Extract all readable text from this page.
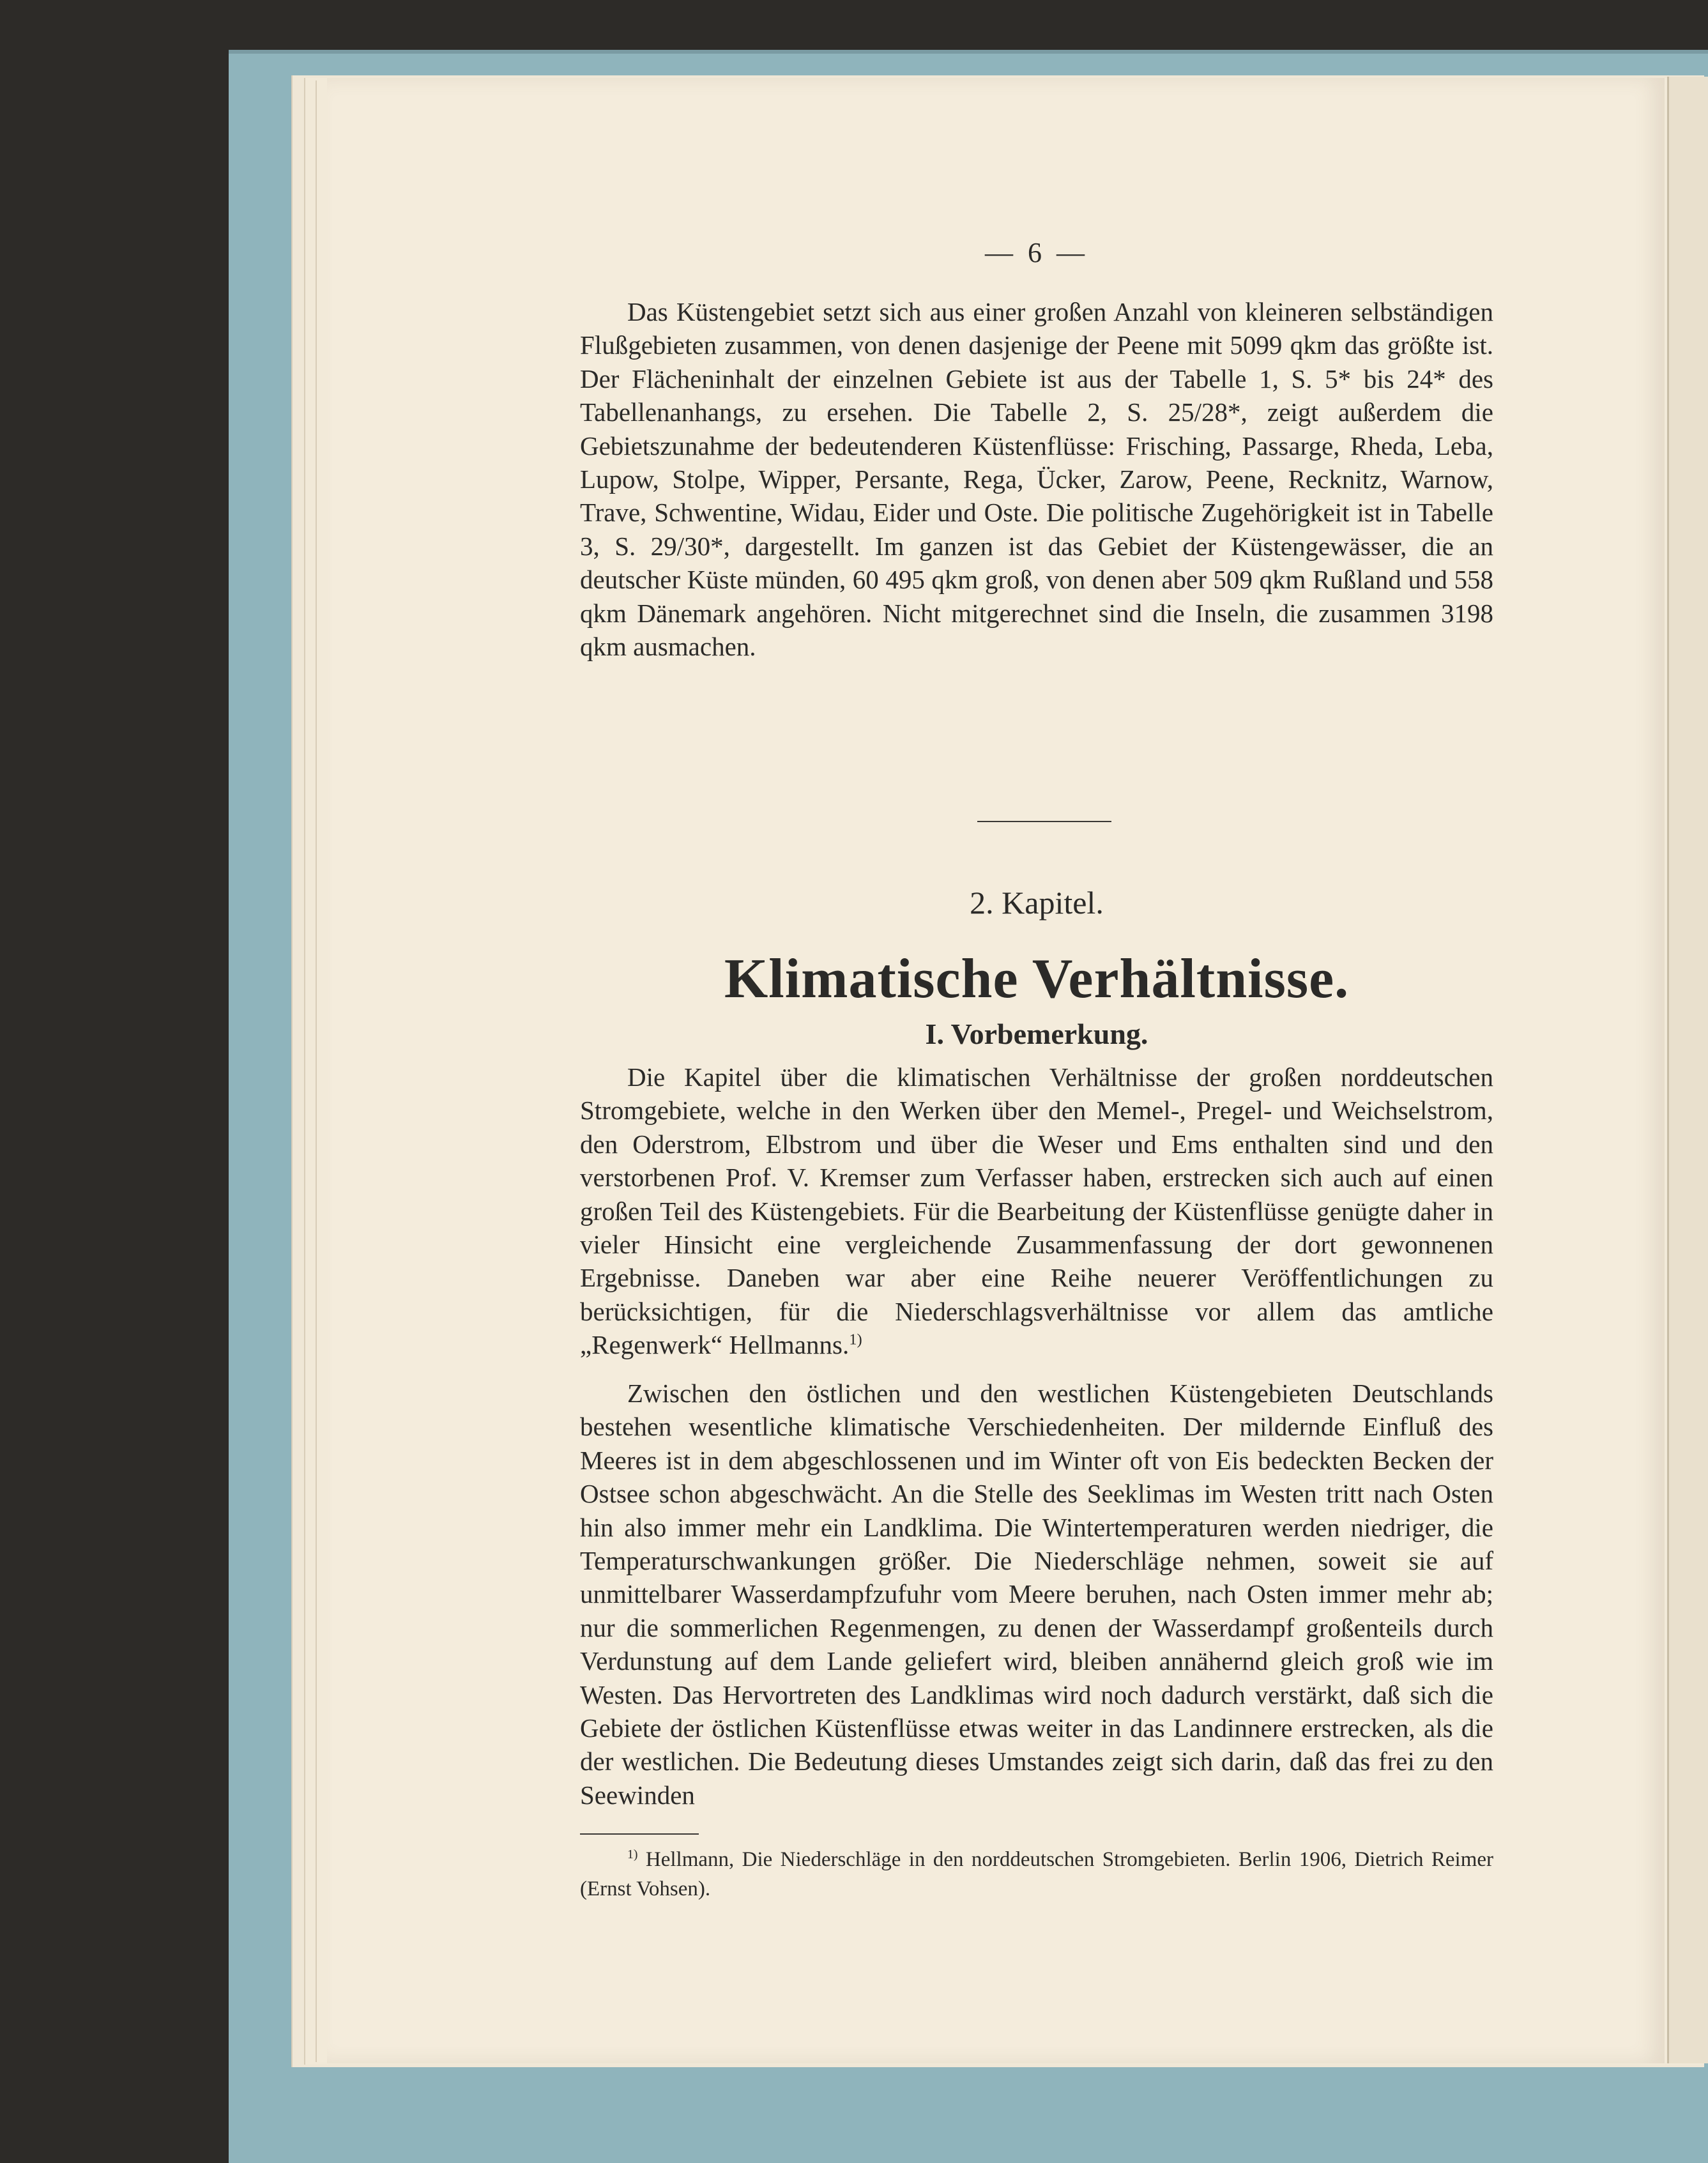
— 6 —

Das Küstengebiet setzt sich aus einer großen Anzahl von kleineren selbständigen Flußgebieten zusammen, von denen dasjenige der Peene mit 5099 qkm das größte ist. Der Flächeninhalt der einzelnen Gebiete ist aus der Tabelle 1, S. 5* bis 24* des Tabellenanhangs, zu ersehen. Die Tabelle 2, S. 25/28*, zeigt außerdem die Gebietszunahme der bedeutenderen Küstenflüsse: Frisching, Passarge, Rheda, Leba, Lupow, Stolpe, Wipper, Persante, Rega, Ücker, Zarow, Peene, Recknitz, Warnow, Trave, Schwentine, Widau, Eider und Oste. Die politische Zugehörigkeit ist in Tabelle 3, S. 29/30*, dargestellt. Im ganzen ist das Gebiet der Küstengewässer, die an deutscher Küste münden, 60 495 qkm groß, von denen aber 509 qkm Rußland und 558 qkm Dänemark angehören. Nicht mitgerechnet sind die Inseln, die zusammen 3198 qkm ausmachen.

2. Kapitel.
Klimatische Verhältnisse.
I. Vorbemerkung.

Die Kapitel über die klimatischen Verhältnisse der großen norddeutschen Stromgebiete, welche in den Werken über den Memel-, Pregel- und Weichselstrom, den Oderstrom, Elbstrom und über die Weser und Ems enthalten sind und den verstorbenen Prof. V. Kremser zum Verfasser haben, erstrecken sich auch auf einen großen Teil des Küstengebiets. Für die Bearbeitung der Küstenflüsse genügte daher in vieler Hinsicht eine vergleichende Zusammenfassung der dort gewonnenen Ergebnisse. Daneben war aber eine Reihe neuerer Veröffentlichungen zu berücksichtigen, für die Niederschlagsverhältnisse vor allem das amtliche „Regenwerk“ Hellmanns.$^{1)}$

Zwischen den östlichen und den westlichen Küstengebieten Deutschlands bestehen wesentliche klimatische Verschiedenheiten. Der mildernde Einfluß des Meeres ist in dem abgeschlossenen und im Winter oft von Eis bedeckten Becken der Ostsee schon abgeschwächt. An die Stelle des Seeklimas im Westen tritt nach Osten hin also immer mehr ein Landklima. Die Wintertemperaturen werden niedriger, die Temperaturschwankungen größer. Die Niederschläge nehmen, soweit sie auf unmittelbarer Wasserdampfzufuhr vom Meere beruhen, nach Osten immer mehr ab; nur die sommerlichen Regenmengen, zu denen der Wasserdampf großenteils durch Verdunstung auf dem Lande geliefert wird, bleiben annähernd gleich groß wie im Westen. Das Hervortreten des Landklimas wird noch dadurch verstärkt, daß sich die Gebiete der östlichen Küstenflüsse etwas weiter in das Landinnere erstrecken, als die der westlichen. Die Bedeutung dieses Umstandes zeigt sich darin, daß das frei zu den Seewinden

$^{1)}$ Hellmann, Die Niederschläge in den norddeutschen Stromgebieten. Berlin 1906, Dietrich Reimer (Ernst Vohsen).
